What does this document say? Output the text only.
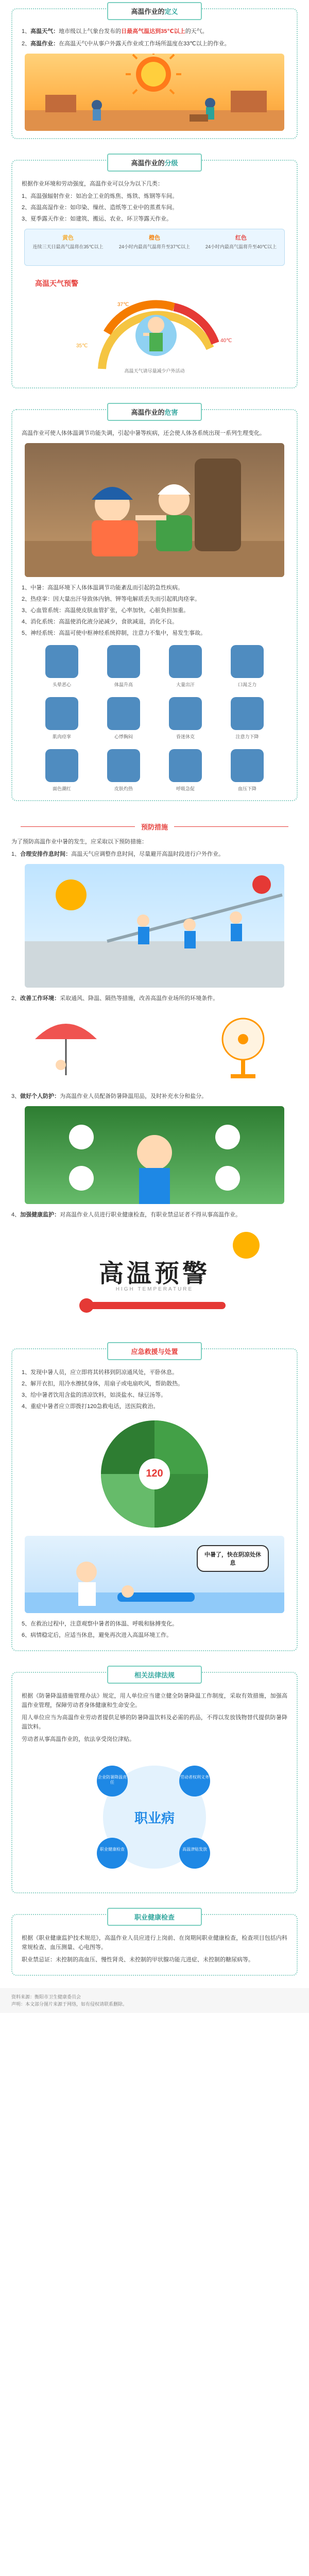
高温作业的定义

1、高温天气：地市级以上气象台发布的日最高气温达到35℃以上的天气。

2、高温作业：在高温天气中从事户外露天作业或工作场所温度在33℃以上的作业。

高温作业的分级

根据作业环境和劳动强度，高温作业可以分为以下几类：

1、高温强辐射作业：如冶金工业的炼焦、炼铁、炼钢等车间。

2、高温高湿作业：如印染、缫丝、造纸等工业中的蒸煮车间。

3、夏季露天作业：如建筑、搬运、农业、环卫等露天作业。

黄色
连续三天日最高气温将在35℃以上
橙色
24小时内最高气温将升至37℃以上
红色
24小时内最高气温将升至40℃以上
高温天气预警
35℃
37℃
40℃
高温天气请尽量减少户外活动
高温作业的危害

高温作业可使人体体温调节功能失调，引起中暑等疾病，还会使人体各系统出现一系列生理变化。

1、中暑：高温环境下人体体温调节功能紊乱而引起的急性疾病。

2、热痉挛：因大量出汗导致体内钠、钾等电解质丢失而引起肌肉痉挛。

3、心血管系统：高温使皮肤血管扩张，心率加快，心脏负担加重。

4、消化系统：高温使消化液分泌减少，食欲减退，消化不良。

5、神经系统：高温可使中枢神经系统抑制，注意力不集中，易发生事故。

头晕恶心	体温升高	大量出汗	口渴乏力
肌肉痉挛	心悸胸闷	昏迷休克	注意力下降
面色潮红	皮肤灼热	呼吸急促	血压下降
预防措施

为了预防高温作业中暑的发生，应采取以下预防措施：

1、合理安排作息时间：高温天气应调整作息时间，尽量避开高温时段进行户外作业。

2、改善工作环境：采取通风、降温、隔热等措施，改善高温作业场所的环境条件。

3、做好个人防护：为高温作业人员配备防暑降温用品，及时补充水分和盐分。

4、加强健康监护：对高温作业人员进行职业健康检查，有职业禁忌证者不得从事高温作业。

高温预警
HIGH TEMPERATURE
应急救援与处置

1、发现中暑人员，应立即将其转移到阴凉通风处，平卧休息。

2、解开衣扣，用冷水擦拭身体，用扇子或电扇吹风，帮助散热。

3、给中暑者饮用含盐的清凉饮料，如淡盐水、绿豆汤等。

4、重症中暑者应立即拨打120急救电话，送医院救治。

120
中暑了，快在阴凉处休息

5、在救治过程中，注意观察中暑者的体温、呼吸和脉搏变化。

6、病情稳定后，应适当休息，避免再次进入高温环境工作。

相关法律法规

根据《防暑降温措施管理办法》规定，用人单位应当建立健全防暑降温工作制度，采取有效措施，加强高温作业管理，保障劳动者身体健康和生命安全。

用人单位应当为高温作业劳动者提供足够的防暑降温饮料及必需的药品，不得以发放钱物替代提供防暑降温饮料。

劳动者从事高温作业的，依法享受岗位津贴。

职业病
企业防暑降温责任
劳动者权利义务
职业健康检查	高温津贴发放
职业健康检查

根据《职业健康监护技术规范》，高温作业人员应进行上岗前、在岗期间职业健康检查，检查项目包括内科常规检查、血压测量、心电图等。

职业禁忌证：未控制的高血压、慢性肾炎、未控制的甲状腺功能亢进症、未控制的糖尿病等。

资料来源：衡阳市卫生健康委员会
声明：本文部分图片来源于网络，如有侵权请联系删除。
